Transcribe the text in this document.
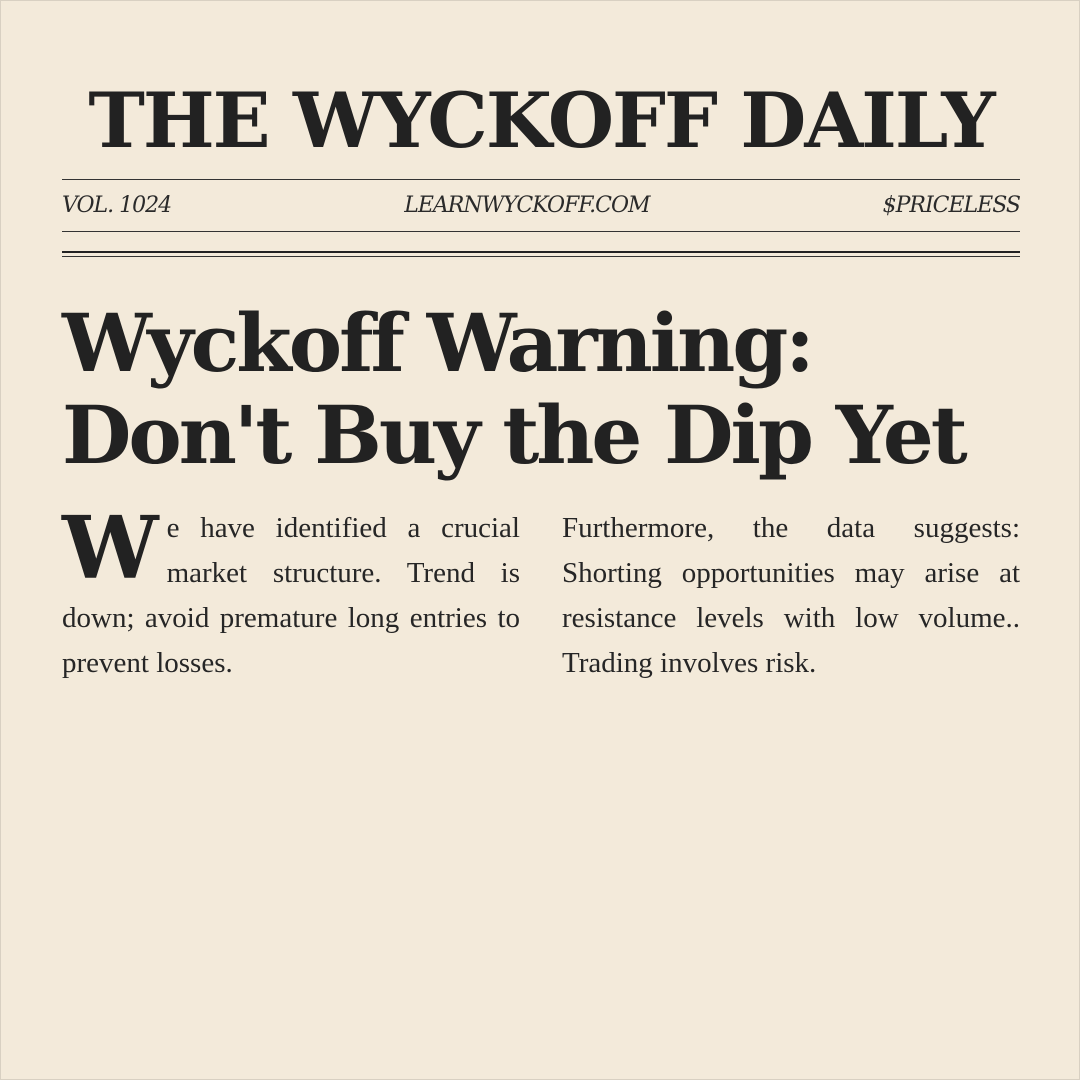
THE WYCKOFF DAILY
VOL. 1024	LEARNWYCKOFF.COM	$PRICELESS
Wyckoff Warning:
Don't Buy the Dip Yet
W e have identified a crucial market structure. Trend is down; avoid premature long entries to prevent losses.
Furthermore, the data suggests: Shorting opportunities may arise at resistance levels with low volume.. Trading involves risk.
